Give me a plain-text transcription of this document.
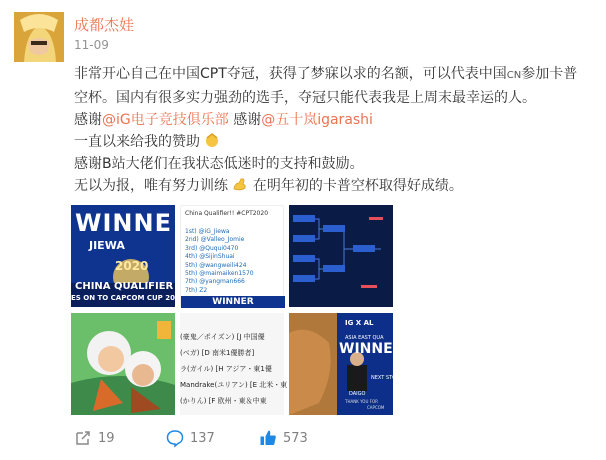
成都杰娃
11-09

非常开心自己在中国CPT夺冠，获得了梦寐以求的名额，可以代表中国CN参加卡普

空杯。国内有很多实力强劲的选手，夺冠只能代表我是上周末最幸运的人。

感谢@iG电子竞技俱乐部 感谢@五十岚igarashi

一直以来给我的赞助

感谢B站大佬们在我状态低迷时的支持和鼓励。

无以为报，唯有努力训练 在明年初的卡普空杯取得好成绩。

WINNE
JIEWA
2020
CHINA QUALIFIER
ES ON TO CAPCOM CUP 20
China Qualifier!! #CPT2020
1st) @iG_Jiewa
2nd) @Valleo_Jomie
3rd) @Ququi0470
4th) @SijinShuai
5th) @wangweili424
5th) @maimaiken1570
7th) @yangman666
7th) Z2
WINNER
(豪鬼／ポイズン) [J 中国優
(ベガ) [D 南米1優勝者]
ラ(ガイル) [H アジア・東1優
Mandrake(ユリアン) [E 北米・東
(かりん) [F 欧州・東＆中東
IG X AL
ASIA EAST QUA
WINNE
DAIGO
NEXT STOP
THANK YOU FOR
CAPCOM
19	137	573
